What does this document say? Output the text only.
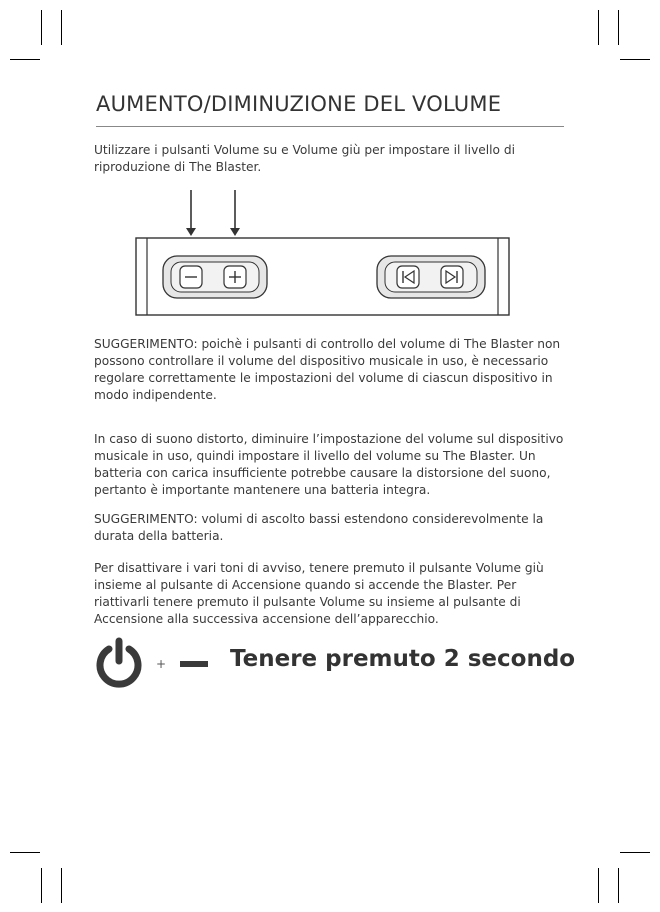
AUMENTO/DIMINUZIONE DEL VOLUME

Utilizzare i pulsanti Volume su e Volume giù per impostare il livello di riproduzione di The Blaster.

SUGGERIMENTO: poichè i pulsanti di controllo del volume di The Blaster non possono controllare il volume del dispositivo musicale in uso, è necessario regolare correttamente le impostazioni del volume di ciascun dispositivo in modo indipendente.

In caso di suono distorto, diminuire l’impostazione del volume sul dispositivo musicale in uso, quindi impostare il livello del volume su The Blaster. Un batteria con carica insufficiente potrebbe causare la distorsione del suono, pertanto è importante mantenere una batteria integra.

SUGGERIMENTO: volumi di ascolto bassi estendono considerevolmente la durata della batteria.

Per disattivare i vari toni di avviso, tenere premuto il pulsante Volume giù insieme al pulsante di Accensione quando si accende the Blaster. Per riattivarli tenere premuto il pulsante Volume su insieme al pulsante di Accensione alla successiva accensione dell’apparecchio.

+	Tenere premuto 2 secondo
